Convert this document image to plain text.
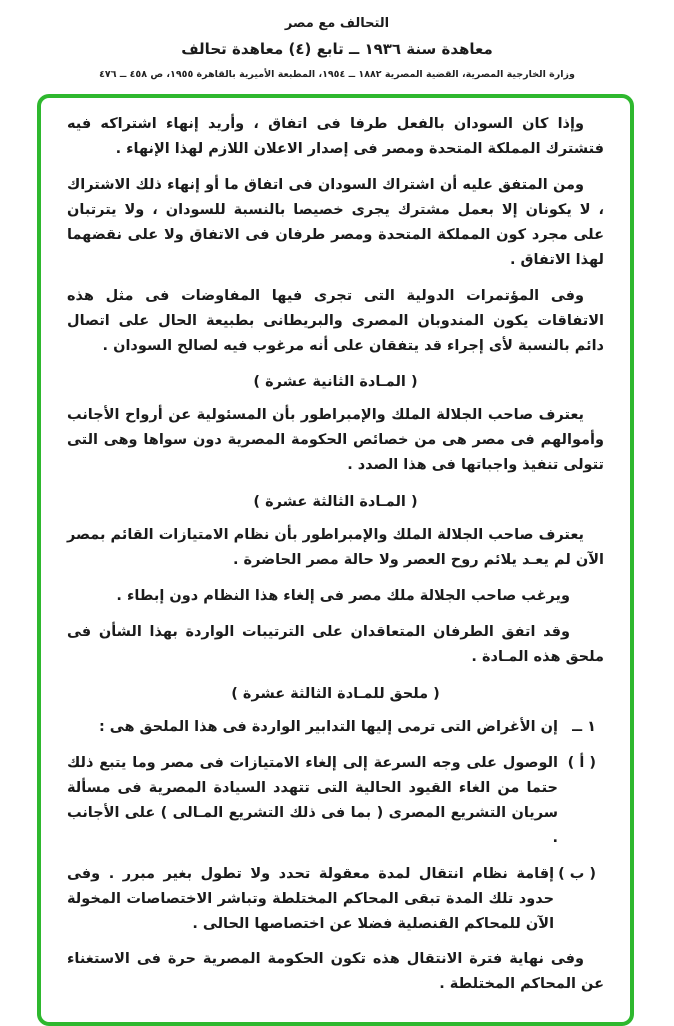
التحالف مع مصر
معاهدة سنة ١٩٣٦ ــ تابع (٤) معاهدة تحالف
وزارة الخارجية المصرية، القضية المصرية ١٨٨٢ ــ ١٩٥٤، المطبعة الأميرية بالقاهرة ١٩٥٥، ص ٤٥٨ ــ ٤٧٦

وإذا كان السودان بالفعل طرفا فى اتفاق ، وأريد إنهاء اشتراكه فيه فتشترك المملكة المتحدة ومصر فى إصدار الاعلان اللازم لهذا الإنهاء .

ومن المتفق عليه أن اشتراك السودان فى اتفاق ما أو إنهاء ذلك الاشتراك ، لا يكونان إلا بعمل مشترك يجرى خصيصا بالنسبة للسودان ، ولا يترتبان على مجرد كون المملكة المتحدة ومصر طرفان فى الاتفاق ولا على نقضهما لهذا الاتفاق .

وفى المؤتمرات الدولية التى تجرى فيها المفاوضات فى مثل هذه الاتفاقات يكون المندوبان المصرى والبريطانى بطبيعة الحال على اتصال دائم بالنسبة لأى إجراء قد يتفقان على أنه مرغوب فيه لصالح السودان .

( المـادة الثانية عشرة )

يعترف صاحب الجلالة الملك والإمبراطور بأن المسئولية عن أرواح الأجانب وأموالهم فى مصر هى من خصائص الحكومة المصرية دون سواها وهى التى تتولى تنفيذ واجباتها فى هذا الصدد .

( المـادة الثالثة عشرة )

يعترف صاحب الجلالة الملك والإمبراطور بأن نظام الامتيازات القائم بمصر الآن لم يعـد يلائم روح العصر ولا حالة مصر الحاضرة .

ويرغب صاحب الجلالة ملك مصر فى إلغاء هذا النظام دون إبطاء .

وقد اتفق الطرفان المتعاقدان على الترتيبات الواردة بهذا الشأن فى ملحق هذه المـادة .

( ملحق للمـادة الثالثة عشرة )
١ ــ
إن الأغراض التى ترمى إليها التدابير الواردة فى هذا الملحق هى :
( أ )
الوصول على وجه السرعة إلى إلغاء الامتيازات فى مصر وما يتبع ذلك حتما من الغاء القيود الحالية التى تتهدد السيادة المصرية فى مسألة سريان التشريع المصرى ( بما فى ذلك التشريع المـالى ) على الأجانب .
( ب )
إقامة نظام انتقال لمدة معقولة تحدد ولا تطول بغير مبرر . وفى حدود تلك المدة تبقى المحاكم المختلطة وتباشر الاختصاصات المخولة الآن للمحاكم القنصلية فضلا عن اختصاصها الحالى .

وفى نهاية فترة الانتقال هذه تكون الحكومة المصرية حرة فى الاستغناء عن المحاكم المختلطة .
